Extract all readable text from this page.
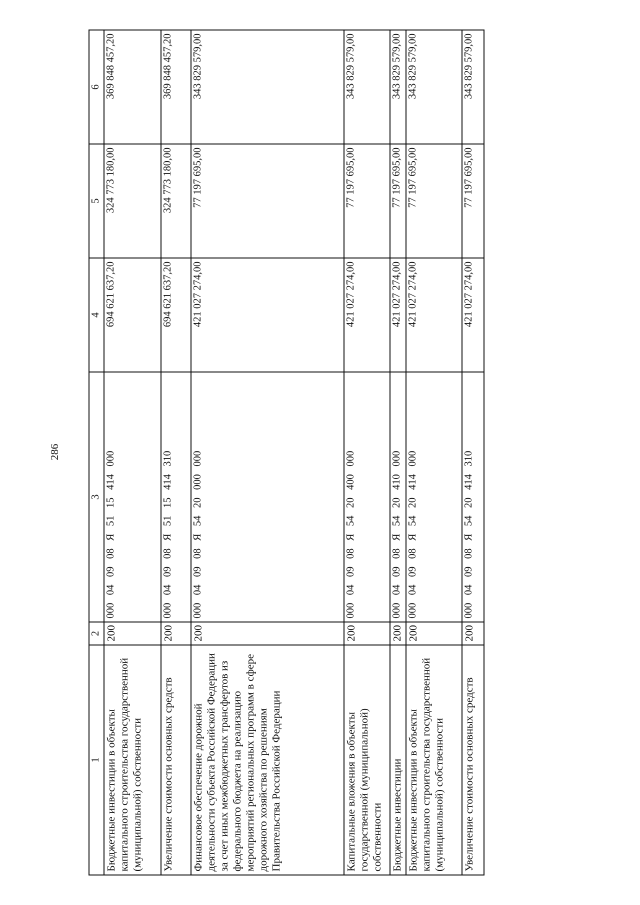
286
1	2	3	4	5	6
Бюджетные инвестиции в объекты капитального строительства государственной (муниципальной) собственности	200	000 04 09 08 Я 51 15 414 000	694 621 637,20	324 773 180,00	369 848 457,20
Увеличение стоимости основных средств	200	000 04 09 08 Я 51 15 414 310	694 621 637,20	324 773 180,00	369 848 457,20
Финансовое обеспечение дорожной деятельности субъекта Российской Федерации за счет иных межбюджетных трансфертов из федерального бюджета на реализацию мероприятий региональных программ в сфере дорожного хозяйства по решениям Правительства Российской Федерации	200	000 04 09 08 Я 54 20 000 000	421 027 274,00	77 197 695,00	343 829 579,00
Капитальные вложения в объекты государственной (муниципальной) собственности	200	000 04 09 08 Я 54 20 400 000	421 027 274,00	77 197 695,00	343 829 579,00
Бюджетные инвестиции	200	000 04 09 08 Я 54 20 410 000	421 027 274,00	77 197 695,00	343 829 579,00
Бюджетные инвестиции в объекты капитального строительства государственной (муниципальной) собственности	200	000 04 09 08 Я 54 20 414 000	421 027 274,00	77 197 695,00	343 829 579,00
Увеличение стоимости основных средств	200	000 04 09 08 Я 54 20 414 310	421 027 274,00	77 197 695,00	343 829 579,00
